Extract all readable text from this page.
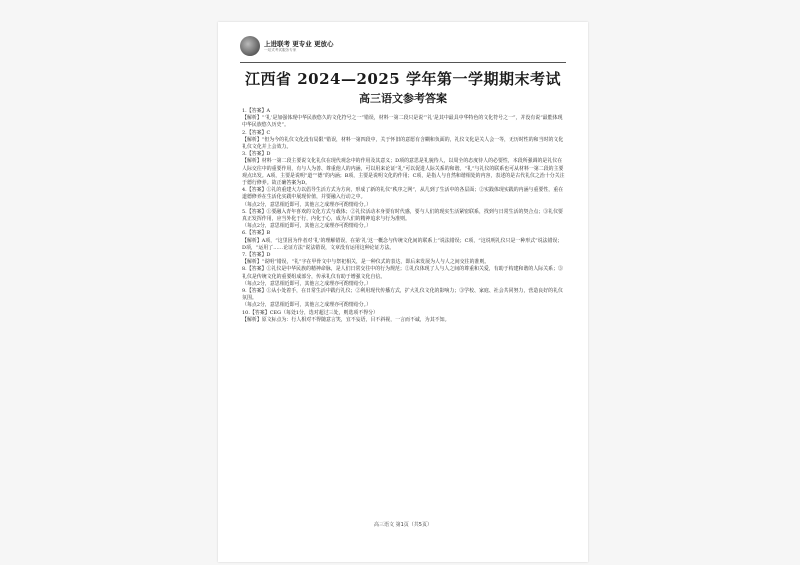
上进联考 更专业 更放心
一站式考试服务专家
江西省 2024—2025 学年第一学期期末考试
高三语文参考答案
1.【答案】A
【解析】“‘礼’是加强体现中华民族悠久的文化符号之一”错误，材料一第二段只是说“‘礼’是其中最具中华特色的文化符号之一”，并没有说“最能体现中华民族悠久历史”。
2.【答案】C
【解析】“但为今的礼仪文化没有局限”错误，材料一第四段中，关于怀旧的意愿有含糊和负面的，礼仪文化是关人会一等，无历时性的和当时的文化礼仪文化并上会效力。
3.【答案】D
【解析】材料一第二段主要说文化礼仪在现代观念中的作用及其意义；D项的意思是礼貌待人，以周全的态度待人的必要性，本段所强调的是礼仪在人际交往中的重要作用，有与人为善、尊重他人的内涵，可以用来论证“礼”可以促进人际关系的和谐。“礼”与礼仪的联系也可从材料一第二段的主要观点出发。A项，主要是说明“道”“德”的内涵；B项，主要是说明文化的作用；C项，是指人与自然和谐相处的内容，表述的是古代礼仪之治十分关注于德行修养。故正确答案为D。
4.【答案】①礼的重建大力以倡导生活方式为方向，形成了新的礼仪“秩序之网”，从几到了生活中的各层面；②实践体现实践的内涵与重要性，重在道德修养在生活化实践中展现价值，并要融入行动之中。
（每点2分，意思相近即可，其他言之成理亦可酌情给分。）
5.【答案】①要融入青年喜欢的文化方式与载体；②礼仪活动本身要有时代感，要与人们的现实生活紧密联系，找到与日常生活的契合点；③礼仪要真正发挥作用，应当外化于行，内化于心，成为人们的精神追求与行为准则。
（每点2分，意思相近即可，其他言之成理亦可酌情给分。）
6.【答案】B
【解析】A项，“这里因为作者对‘礼’的理解错误，在第‘礼’这一概念与传统文化间的联系上”说法错误；C项，“这说明礼仪只是一种形式”说法错误；D项，“运用了……论证方法”说法错误，文章没有运用这种论证方法。
7.【答案】D
【解析】“说明”错误，“礼”字在甲骨文中与祭祀相关，是一种仪式的表达，即后来发展为人与人之间交往的准则。
8.【答案】①礼仪是中华民族的精神命脉，是人们日常交往中的行为规范；②礼仪体现了人与人之间的尊重和关爱，有助于构建和谐的人际关系；③礼仪是传统文化的重要组成部分，传承礼仪有助于增强文化自信。
（每点2分，意思相近即可，其他言之成理亦可酌情给分。）
9.【答案】①从小处着手，在日常生活中践行礼仪；②利用现代传播方式，扩大礼仪文化的影响力；③学校、家庭、社会共同努力，营造良好的礼仪氛围。
（每点2分，意思相近即可，其他言之成理亦可酌情给分。）
10.【答案】CEG（每处1分，选对超过三处，则选项不得分）
【解析】原文标点为：行人相对不得随意言笑，宜不妄语，目不斜视，一言而不诚，为其不知。
高三语文 第1页（共5页）
